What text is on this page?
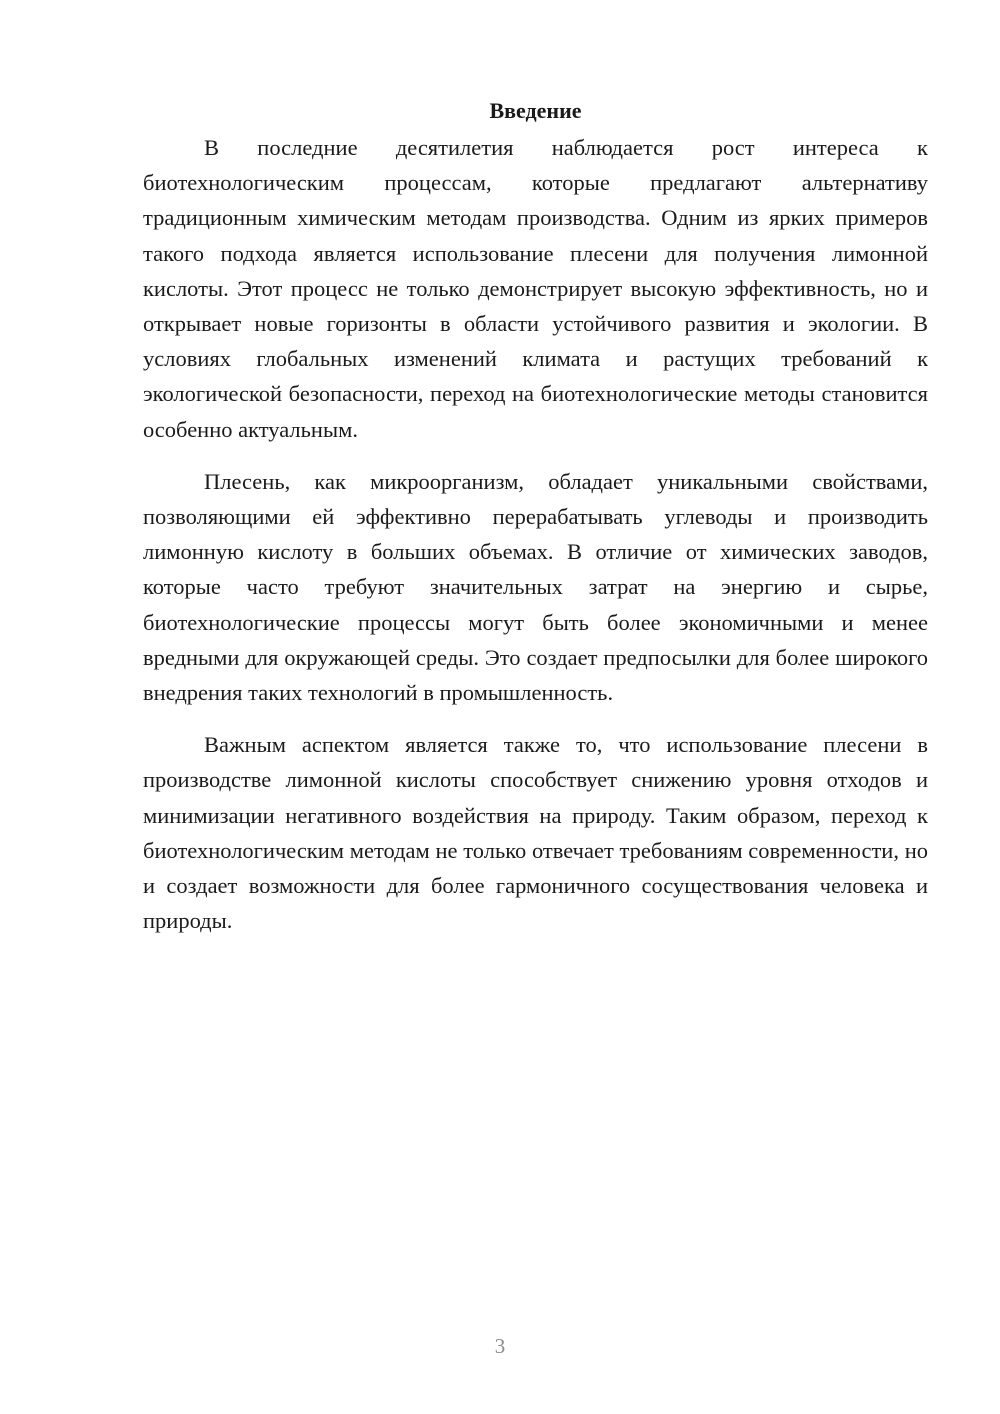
Введение

В последние десятилетия наблюдается рост интереса к биотехнологическим процессам, которые предлагают альтернативу традиционным химическим методам производства. Одним из ярких примеров такого подхода является использование плесени для получения лимонной кислоты. Этот процесс не только демонстрирует высокую эффективность, но и открывает новые горизонты в области устойчивого развития и экологии. В условиях глобальных изменений климата и растущих требований к экологической безопасности, переход на биотехнологические методы становится особенно актуальным.

Плесень, как микроорганизм, обладает уникальными свойствами, позволяющими ей эффективно перерабатывать углеводы и производить лимонную кислоту в больших объемах. В отличие от химических заводов, которые часто требуют значительных затрат на энергию и сырье, биотехнологические процессы могут быть более экономичными и менее вредными для окружающей среды. Это создает предпосылки для более широкого внедрения таких технологий в промышленность.

Важным аспектом является также то, что использование плесени в производстве лимонной кислоты способствует снижению уровня отходов и минимизации негативного воздействия на природу. Таким образом, переход к биотехнологическим методам не только отвечает требованиям современности, но и создает возможности для более гармоничного сосуществования человека и природы.

3
